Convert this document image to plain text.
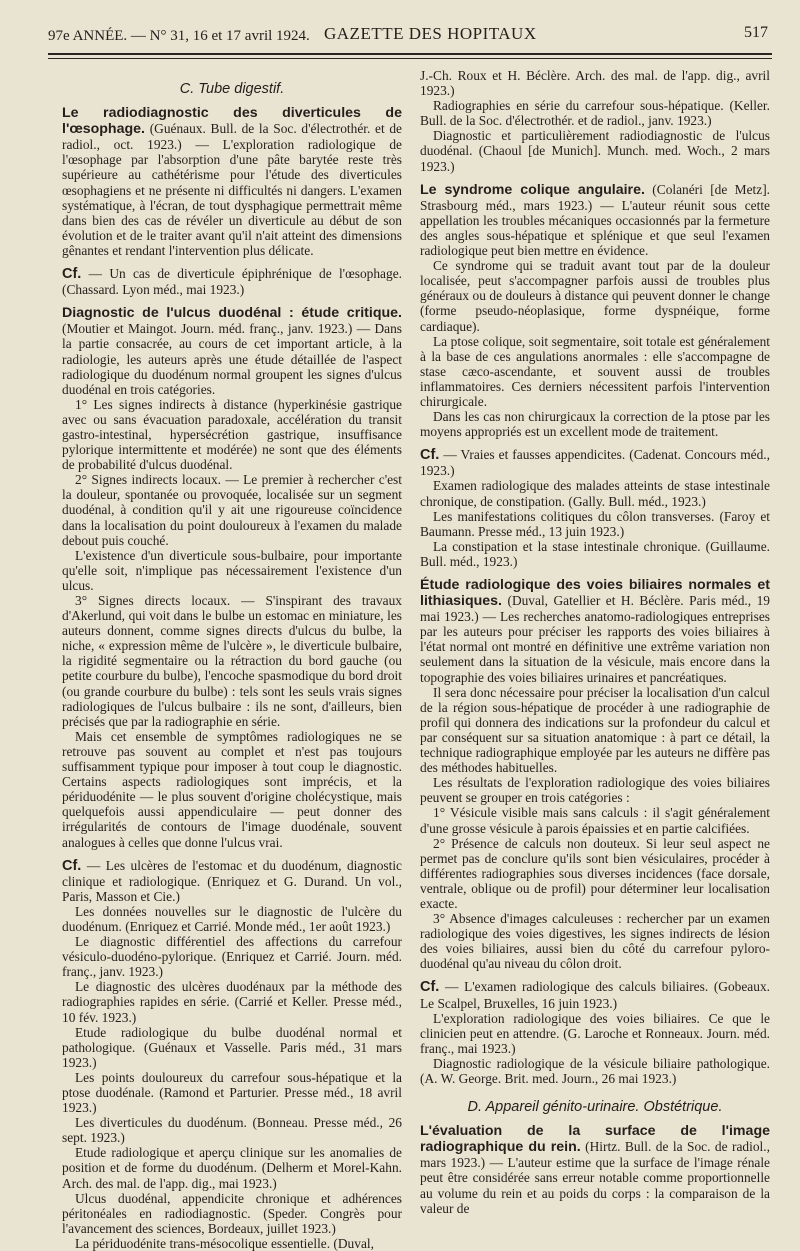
97e ANNÉE. — N° 31, 16 et 17 avril 1924. GAZETTE DES HOPITAUX	517
C. Tube digestif.

Le radiodiagnostic des diverticules de l'œsophage. (Guénaux. Bull. de la Soc. d'électrothér. et de radiol., oct. 1923.) — L'exploration radiologique de l'œsophage par l'absorption d'une pâte barytée reste très supérieure au cathétérisme pour l'étude des diverticules œsophagiens et ne présente ni difficultés ni dangers. L'examen systématique, à l'écran, de tout dysphagique permettrait même dans bien des cas de révéler un diverticule au début de son évolution et de le traiter avant qu'il n'ait atteint des dimensions gênantes et rendant l'intervention plus délicate.

Cf. — Un cas de diverticule épiphrénique de l'œsophage. (Chassard. Lyon méd., mai 1923.)

Diagnostic de l'ulcus duodénal : étude critique. (Moutier et Maingot. Journ. méd. franç., janv. 1923.) — Dans la partie consacrée, au cours de cet important article, à la radiologie, les auteurs après une étude détaillée de l'aspect radiologique du duodénum normal groupent les signes d'ulcus duodénal en trois catégories.

1° Les signes indirects à distance (hyperkinésie gastrique avec ou sans évacuation paradoxale, accélération du transit gastro-intestinal, hypersécrétion gastrique, insuffisance pylorique intermittente et modérée) ne sont que des éléments de probabilité d'ulcus duodénal.

2° Signes indirects locaux. — Le premier à rechercher c'est la douleur, spontanée ou provoquée, localisée sur un segment duodénal, à condition qu'il y ait une rigoureuse coïncidence dans la localisation du point douloureux à l'examen du malade debout puis couché.

L'existence d'un diverticule sous-bulbaire, pour importante qu'elle soit, n'implique pas nécessairement l'existence d'un ulcus.

3° Signes directs locaux. — S'inspirant des travaux d'Akerlund, qui voit dans le bulbe un estomac en miniature, les auteurs donnent, comme signes directs d'ulcus du bulbe, la niche, « expression même de l'ulcère », le diverticule bulbaire, la rigidité segmentaire ou la rétraction du bord gauche (ou petite courbure du bulbe), l'encoche spasmodique du bord droit (ou grande courbure du bulbe) : tels sont les seuls vrais signes radiologiques de l'ulcus bulbaire : ils ne sont, d'ailleurs, bien précisés que par la radiographie en série.

Mais cet ensemble de symptômes radiologiques ne se retrouve pas souvent au complet et n'est pas toujours suffisamment typique pour imposer à tout coup le diagnostic. Certains aspects radiologiques sont imprécis, et la périduodénite — le plus souvent d'origine cholécystique, mais quelquefois aussi appendiculaire — peut donner des irrégularités de contours de l'image duodénale, souvent analogues à celles que donne l'ulcus vrai.

Cf. — Les ulcères de l'estomac et du duodénum, diagnostic clinique et radiologique. (Enriquez et G. Durand. Un vol., Paris, Masson et Cie.)

Les données nouvelles sur le diagnostic de l'ulcère du duodénum. (Enriquez et Carrié. Monde méd., 1er août 1923.)

Le diagnostic différentiel des affections du carrefour vésiculo-duodéno-pylorique. (Enriquez et Carrié. Journ. méd. franç., janv. 1923.)

Le diagnostic des ulcères duodénaux par la méthode des radiographies rapides en série. (Carrié et Keller. Presse méd., 10 fév. 1923.)

Etude radiologique du bulbe duodénal normal et pathologique. (Guénaux et Vasselle. Paris méd., 31 mars 1923.)

Les points douloureux du carrefour sous-hépatique et la ptose duodénale. (Ramond et Parturier. Presse méd., 18 avril 1923.)

Les diverticules du duodénum. (Bonneau. Presse méd., 26 sept. 1923.)

Etude radiologique et aperçu clinique sur les anomalies de position et de forme du duodénum. (Delherm et Morel-Kahn. Arch. des mal. de l'app. dig., mai 1923.)

Ulcus duodénal, appendicite chronique et adhérences péritonéales en radiodiagnostic. (Speder. Congrès pour l'avancement des sciences, Bordeaux, juillet 1923.)

La périduodénite trans-mésocolique essentielle. (Duval,

J.-Ch. Roux et H. Béclère. Arch. des mal. de l'app. dig., avril 1923.)

Radiographies en série du carrefour sous-hépatique. (Keller. Bull. de la Soc. d'électrothér. et de radiol., janv. 1923.)

Diagnostic et particulièrement radiodiagnostic de l'ulcus duodénal. (Chaoul [de Munich]. Munch. med. Woch., 2 mars 1923.)

Le syndrome colique angulaire. (Colanéri [de Metz]. Strasbourg méd., mars 1923.) — L'auteur réunit sous cette appellation les troubles mécaniques occasionnés par la fermeture des angles sous-hépatique et splénique et que seul l'examen radiologique peut bien mettre en évidence.

Ce syndrome qui se traduit avant tout par de la douleur localisée, peut s'accompagner parfois aussi de troubles plus généraux ou de douleurs à distance qui peuvent donner le change (forme pseudo-néoplasique, forme dyspnéique, forme cardiaque).

La ptose colique, soit segmentaire, soit totale est généralement à la base de ces angulations anormales : elle s'accompagne de stase cæco-ascendante, et souvent aussi de troubles inflammatoires. Ces derniers nécessitent parfois l'intervention chirurgicale.

Dans les cas non chirurgicaux la correction de la ptose par les moyens appropriés est un excellent mode de traitement.

Cf. — Vraies et fausses appendicites. (Cadenat. Concours méd., 1923.)

Examen radiologique des malades atteints de stase intestinale chronique, de constipation. (Gally. Bull. méd., 1923.)

Les manifestations colitiques du côlon transverses. (Faroy et Baumann. Presse méd., 13 juin 1923.)

La constipation et la stase intestinale chronique. (Guillaume. Bull. méd., 1923.)

Étude radiologique des voies biliaires normales et lithiasiques. (Duval, Gatellier et H. Béclère. Paris méd., 19 mai 1923.) — Les recherches anatomo-radiologiques entreprises par les auteurs pour préciser les rapports des voies biliaires à l'état normal ont montré en définitive une extrême variation non seulement dans la situation de la vésicule, mais encore dans la topographie des voies biliaires urinaires et pancréatiques.

Il sera donc nécessaire pour préciser la localisation d'un calcul de la région sous-hépatique de procéder à une radiographie de profil qui donnera des indications sur la profondeur du calcul et par conséquent sur sa situation anatomique : à part ce détail, la technique radiographique employée par les auteurs ne diffère pas des méthodes habituelles.

Les résultats de l'exploration radiologique des voies biliaires peuvent se grouper en trois catégories :

1° Vésicule visible mais sans calculs : il s'agit généralement d'une grosse vésicule à parois épaissies et en partie calcifiées.

2° Présence de calculs non douteux. Si leur seul aspect ne permet pas de conclure qu'ils sont bien vésiculaires, procéder à différentes radiographies sous diverses incidences (face dorsale, ventrale, oblique ou de profil) pour déterminer leur localisation exacte.

3° Absence d'images calculeuses : rechercher par un examen radiologique des voies digestives, les signes indirects de lésion des voies biliaires, aussi bien du côté du carrefour pyloro-duodénal qu'au niveau du côlon droit.

Cf. — L'examen radiologique des calculs biliaires. (Gobeaux. Le Scalpel, Bruxelles, 16 juin 1923.)

L'exploration radiologique des voies biliaires. Ce que le clinicien peut en attendre. (G. Laroche et Ronneaux. Journ. méd. franç., mai 1923.)

Diagnostic radiologique de la vésicule biliaire pathologique. (A. W. George. Brit. med. Journ., 26 mai 1923.)

D. Appareil génito-urinaire. Obstétrique.

L'évaluation de la surface de l'image radiographique du rein. (Hirtz. Bull. de la Soc. de radiol., mars 1923.) — L'auteur estime que la surface de l'image rénale peut être considérée sans erreur notable comme proportionnelle au volume du rein et au poids du corps : la comparaison de la valeur de
